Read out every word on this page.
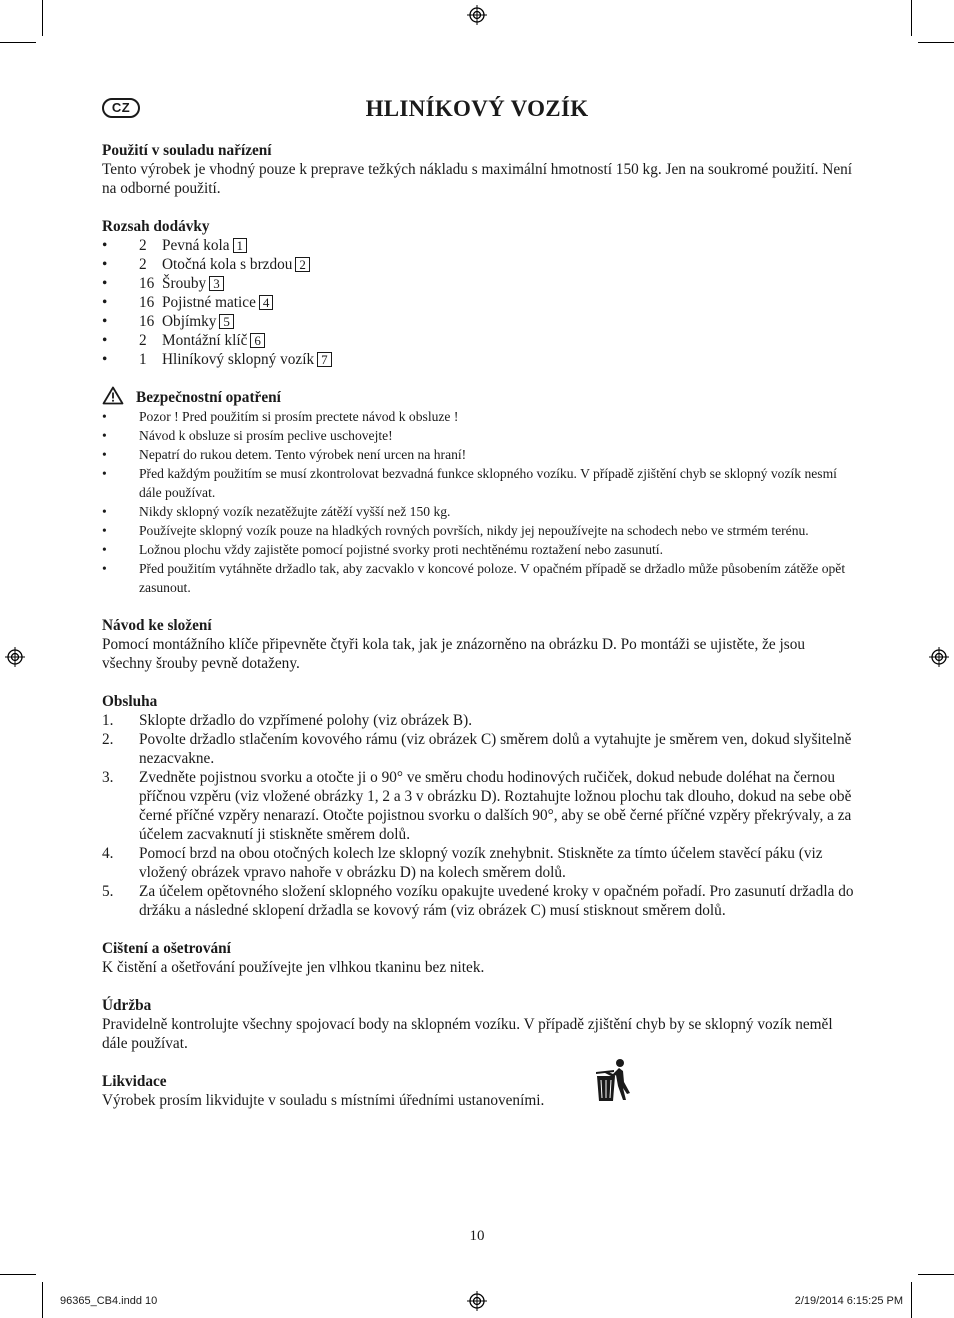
CZ	HLINÍKOVÝ VOZÍK
Použití v souladu nařízení
Tento výrobek je vhodný pouze k preprave težkých nákladu s maximální hmotností 150 kg. Jen na soukromé použití. Není na odborné použití.
Rozsah dodávky
• 2 Pevná kola 1
• 2 Otočná kola s brzdou 2
• 16 Šrouby 3
• 16 Pojistné matice 4
• 16 Objímky 5
• 2 Montážní klíč 6
• 1 Hliníkový sklopný vozík 7
Bezpečnostní opatření
• Pozor ! Pred použitím si prosím prectete návod k obsluze !
• Návod k obsluze si prosím peclive uschovejte!
• Nepatrí do rukou detem. Tento výrobek není urcen na hraní!
• Před každým použitím se musí zkontrolovat bezvadná funkce sklopného vozíku. V případě zjištění chyb se sklopný vozík nesmí dále používat.
• Nikdy sklopný vozík nezatěžujte zátěží vyšší než 150 kg.
• Používejte sklopný vozík pouze na hladkých rovných površích, nikdy jej nepoužívejte na schodech nebo ve strmém terénu.
• Ložnou plochu vždy zajistěte pomocí pojistné svorky proti nechtěnému roztažení nebo zasunutí.
• Před použitím vytáhněte držadlo tak, aby zacvaklo v koncové poloze. V opačném případě se držadlo může působením zátěže opět zasunout.
Návod ke složení
Pomocí montážního klíče připevněte čtyři kola tak, jak je znázorněno na obrázku D. Po montáži se ujistěte, že jsou všechny šrouby pevně dotaženy.
Obsluha
1. Sklopte držadlo do vzpřímené polohy (viz obrázek B).
2. Povolte držadlo stlačením kovového rámu (viz obrázek C) směrem dolů a vytahujte je směrem ven, dokud slyšitelně nezacvakne.
3. Zvedněte pojistnou svorku a otočte ji o 90° ve směru chodu hodinových ručiček, dokud nebude doléhat na černou příčnou vzpěru (viz vložené obrázky 1, 2 a 3 v obrázku D). Roztahujte ložnou plochu tak dlouho, dokud na sebe obě černé příčné vzpěry nenarazí. Otočte pojistnou svorku o dalších 90°, aby se obě černé příčné vzpěry překrývaly, a za účelem zacvaknutí ji stiskněte směrem dolů.
4. Pomocí brzd na obou otočných kolech lze sklopný vozík znehybnit. Stiskněte za tímto účelem stavěcí páku (viz vložený obrázek vpravo nahoře v obrázku D) na kolech směrem dolů.
5. Za účelem opětovného složení sklopného vozíku opakujte uvedené kroky v opačném pořadí. Pro zasunutí držadla do držáku a následné sklopení držadla se kovový rám (viz obrázek C) musí stisknout směrem dolů.
Cištení a ošetrování
K čistění a ošetřování používejte jen vlhkou tkaninu bez nitek.
Údržba
Pravidelně kontrolujte všechny spojovací body na sklopném vozíku. V případě zjištění chyb by se sklopný vozík neměl dále používat.
Likvidace
Výrobek prosím likvidujte v souladu s místními úředními ustanoveními.
10
96365_CB4.indd 10	2/19/2014 6:15:25 PM
